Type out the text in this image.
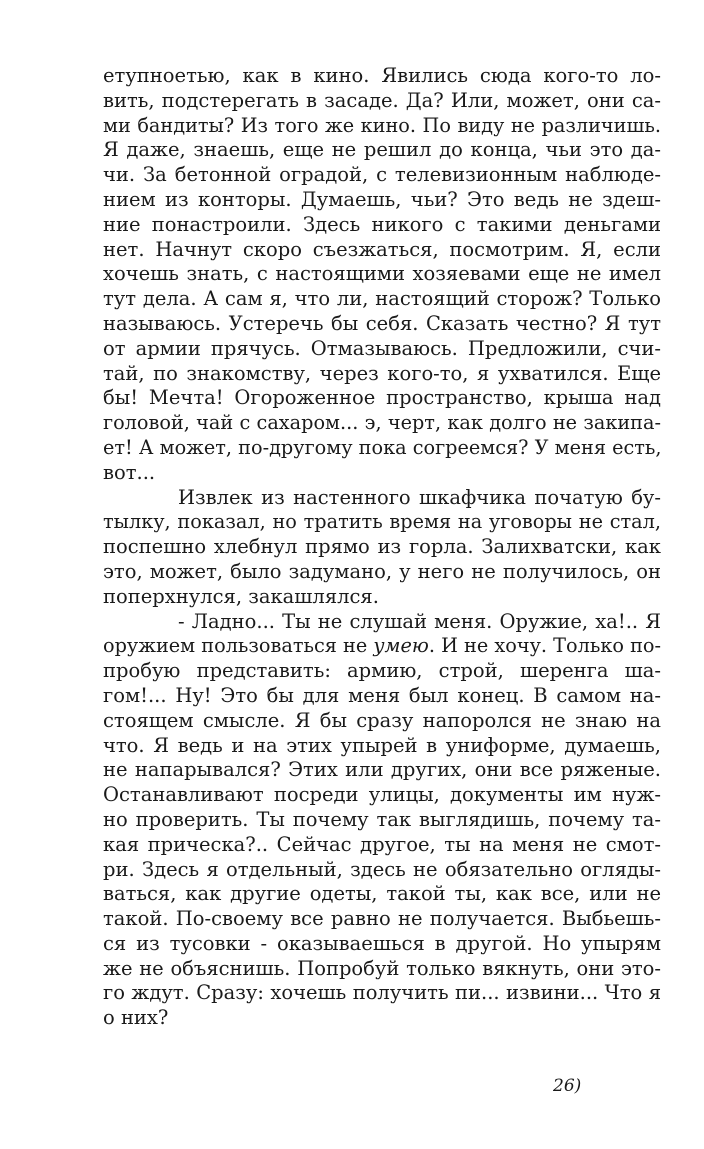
етупноетью, как в кино. Явились сюда кого-то ло-
вить, подстерегать в засаде. Да? Или, может, они са-
ми бандиты? Из того же кино. По виду не различишь.
Я даже, знаешь, еще не решил до конца, чьи это да-
чи. За бетонной оградой, с телевизионным наблюде-
нием из конторы. Думаешь, чьи? Это ведь не здеш-
ние понастроили. Здесь никого с такими деньгами
нет. Начнут скоро съезжаться, посмотрим. Я, если
хочешь знать, с настоящими хозяевами еще не имел
тут дела. А сам я, что ли, настоящий сторож? Только
называюсь. Устеречь бы себя. Сказать честно? Я тут
от армии прячусь. Отмазываюсь. Предложили, счи-
тай, по знакомству, через кого-то, я ухватился. Еще
бы! Мечта! Огороженное пространство, крыша над
головой, чай с сахаром... э, черт, как долго не закипа-
ет! А может, по-другому пока согреемся? У меня есть,
вот...
Извлек из настенного шкафчика початую бу-
тылку, показал, но тратить время на уговоры не стал,
поспешно хлебнул прямо из горла. Залихватски, как
это, может, было задумано, у него не получилось, он
поперхнулся, закашлялся.
- Ладно... Ты не слушай меня. Оружие, ха!.. Я
оружием пользоваться не умею. И не хочу. Только по-
пробую представить: армию, строй, шеренга ша-
гом!... Ну! Это бы для меня был конец. В самом на-
стоящем смысле. Я бы сразу напоролся не знаю на
что. Я ведь и на этих упырей в униформе, думаешь,
не напарывался? Этих или других, они все ряженые.
Останавливают посреди улицы, документы им нуж-
но проверить. Ты почему так выглядишь, почему та-
кая прическа?.. Сейчас другое, ты на меня не смот-
ри. Здесь я отдельный, здесь не обязательно огляды-
ваться, как другие одеты, такой ты, как все, или не
такой. По-своему все равно не получается. Выбьешь-
ся из тусовки - оказываешься в другой. Но упырям
же не объяснишь. Попробуй только вякнуть, они это-
го ждут. Сразу: хочешь получить пи... извини... Что я
о них?
26)
